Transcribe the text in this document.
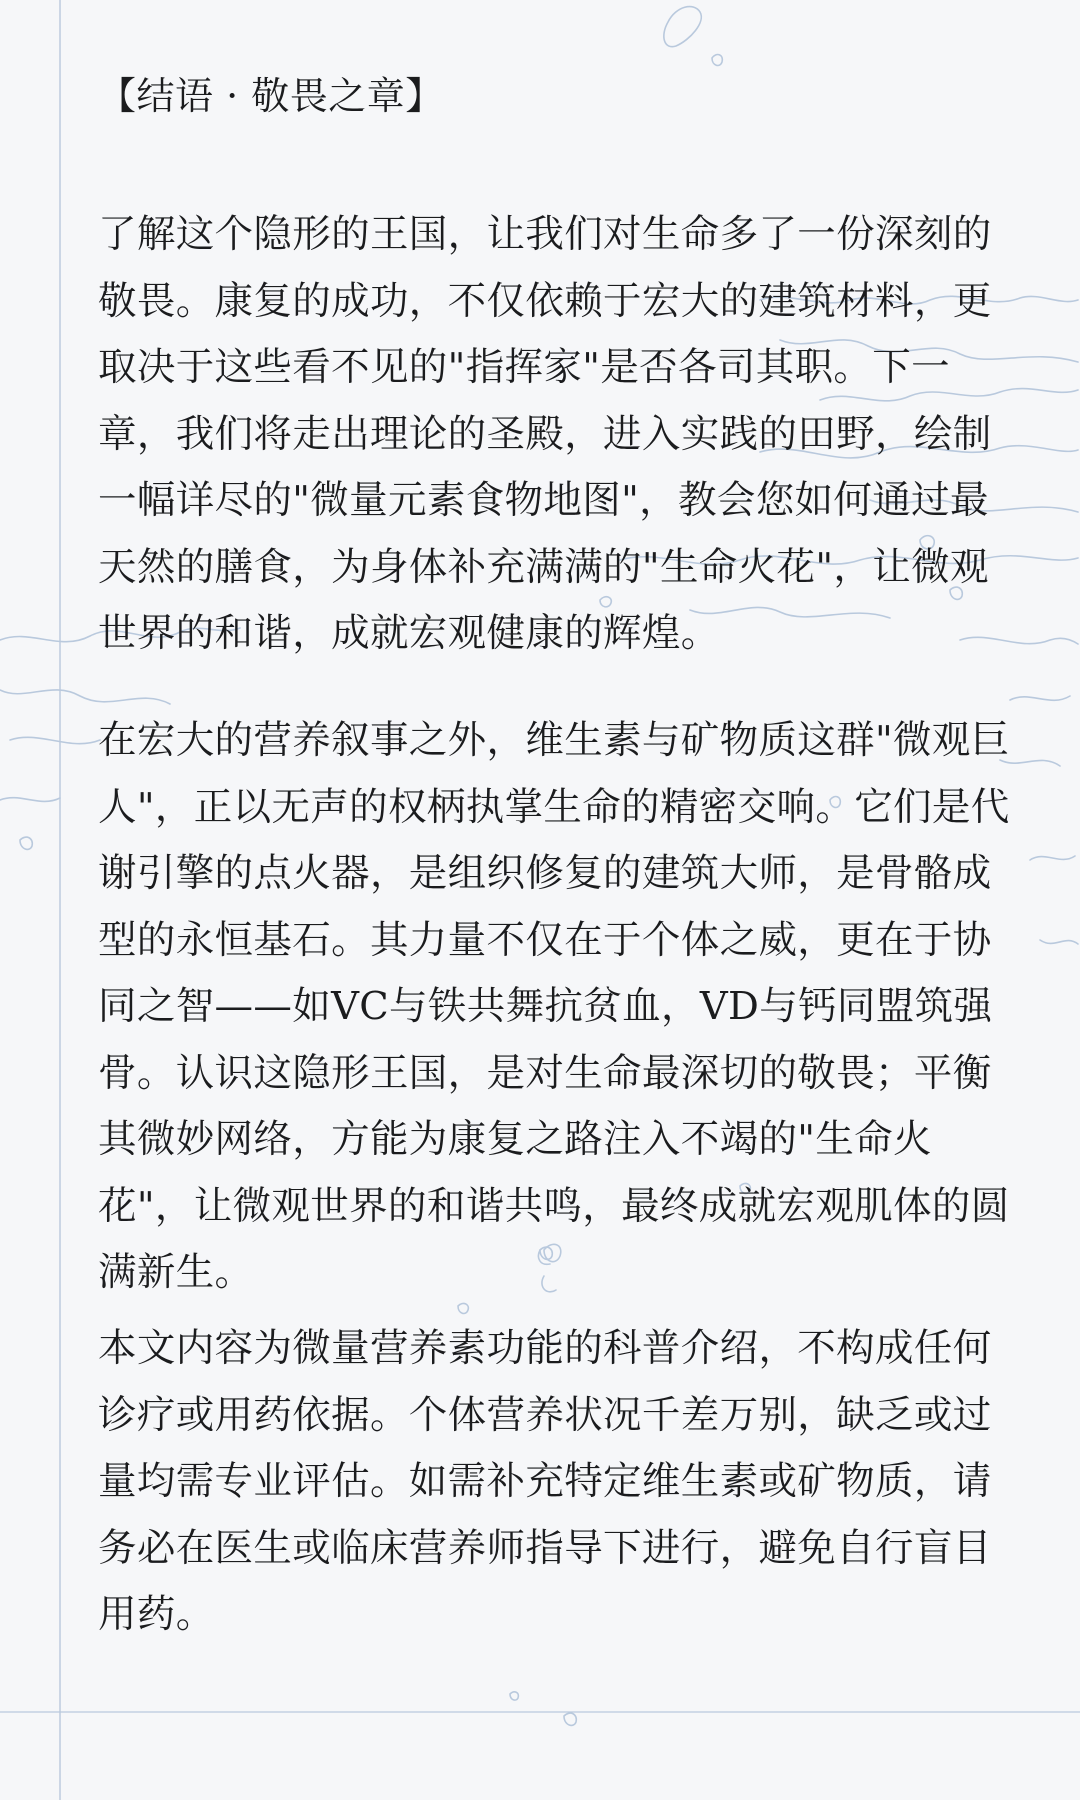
【结语 · 敬畏之章】

了解这个隐形的王国，让我们对生命多了一份深刻的敬畏。康复的成功，不仅依赖于宏大的建筑材料，更取决于这些看不见的"指挥家"是否各司其职。下一章，我们将走出理论的圣殿，进入实践的田野，绘制一幅详尽的"微量元素食物地图"，教会您如何通过最天然的膳食，为身体补充满满的"生命火花"，让微观世界的和谐，成就宏观健康的辉煌。

在宏大的营养叙事之外，维生素与矿物质这群"微观巨人"，正以无声的权柄执掌生命的精密交响。它们是代谢引擎的点火器，是组织修复的建筑大师，是骨骼成型的永恒基石。其力量不仅在于个体之威，更在于协同之智——如VC与铁共舞抗贫血，VD与钙同盟筑强骨。认识这隐形王国，是对生命最深切的敬畏；平衡其微妙网络，方能为康复之路注入不竭的"生命火花"，让微观世界的和谐共鸣，最终成就宏观肌体的圆满新生。

本文内容为微量营养素功能的科普介绍，不构成任何诊疗或用药依据。个体营养状况千差万别，缺乏或过量均需专业评估。如需补充特定维生素或矿物质，请务必在医生或临床营养师指导下进行，避免自行盲目用药。
